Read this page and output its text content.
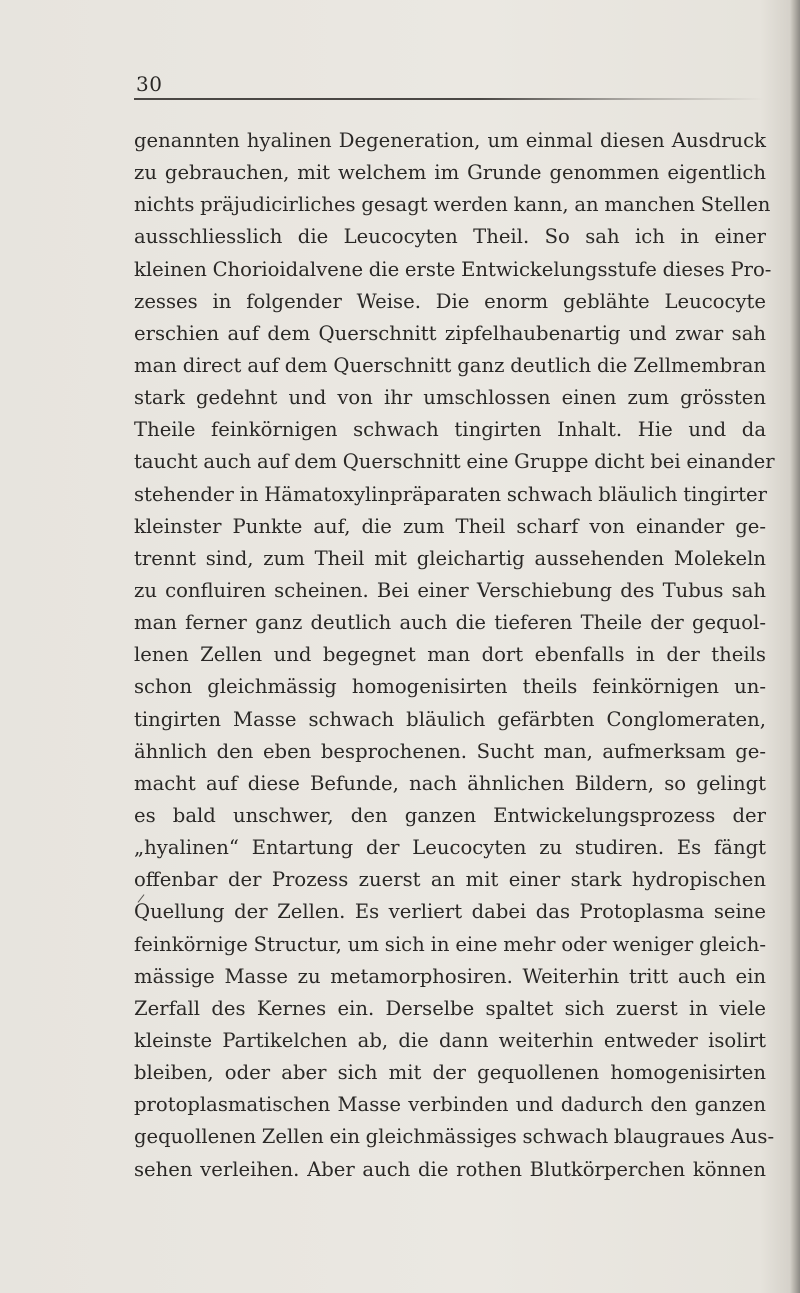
30
genannten hyalinen Degeneration, um einmal diesen Ausdruck
zu gebrauchen, mit welchem im Grunde genommen eigentlich
nichts präjudicirliches gesagt werden kann, an manchen Stellen
ausschliesslich die Leucocyten Theil. So sah ich in einer
kleinen Chorioidalvene die erste Entwickelungsstufe dieses Pro-
zesses in folgender Weise. Die enorm geblähte Leucocyte
erschien auf dem Querschnitt zipfelhaubenartig und zwar sah
man direct auf dem Querschnitt ganz deutlich die Zellmembran
stark gedehnt und von ihr umschlossen einen zum grössten
Theile feinkörnigen schwach tingirten Inhalt. Hie und da
taucht auch auf dem Querschnitt eine Gruppe dicht bei einander
stehender in Hämatoxylinpräparaten schwach bläulich tingirter
kleinster Punkte auf, die zum Theil scharf von einander ge-
trennt sind, zum Theil mit gleichartig aussehenden Molekeln
zu confluiren scheinen. Bei einer Verschiebung des Tubus sah
man ferner ganz deutlich auch die tieferen Theile der gequol-
lenen Zellen und begegnet man dort ebenfalls in der theils
schon gleichmässig homogenisirten theils feinkörnigen un-
tingirten Masse schwach bläulich gefärbten Conglomeraten,
ähnlich den eben besprochenen. Sucht man, aufmerksam ge-
macht auf diese Befunde, nach ähnlichen Bildern, so gelingt
es bald unschwer, den ganzen Entwickelungsprozess der
„hyalinen“ Entartung der Leucocyten zu studiren. Es fängt
offenbar der Prozess zuerst an mit einer stark hydropischen
Quellung der Zellen. Es verliert dabei das Protoplasma seine
feinkörnige Structur, um sich in eine mehr oder weniger gleich-
mässige Masse zu metamorphosiren. Weiterhin tritt auch ein
Zerfall des Kernes ein. Derselbe spaltet sich zuerst in viele
kleinste Partikelchen ab, die dann weiterhin entweder isolirt
bleiben, oder aber sich mit der gequollenen homogenisirten
protoplasmatischen Masse verbinden und dadurch den ganzen
gequollenen Zellen ein gleichmässiges schwach blaugraues Aus-
sehen verleihen. Aber auch die rothen Blutkörperchen können
